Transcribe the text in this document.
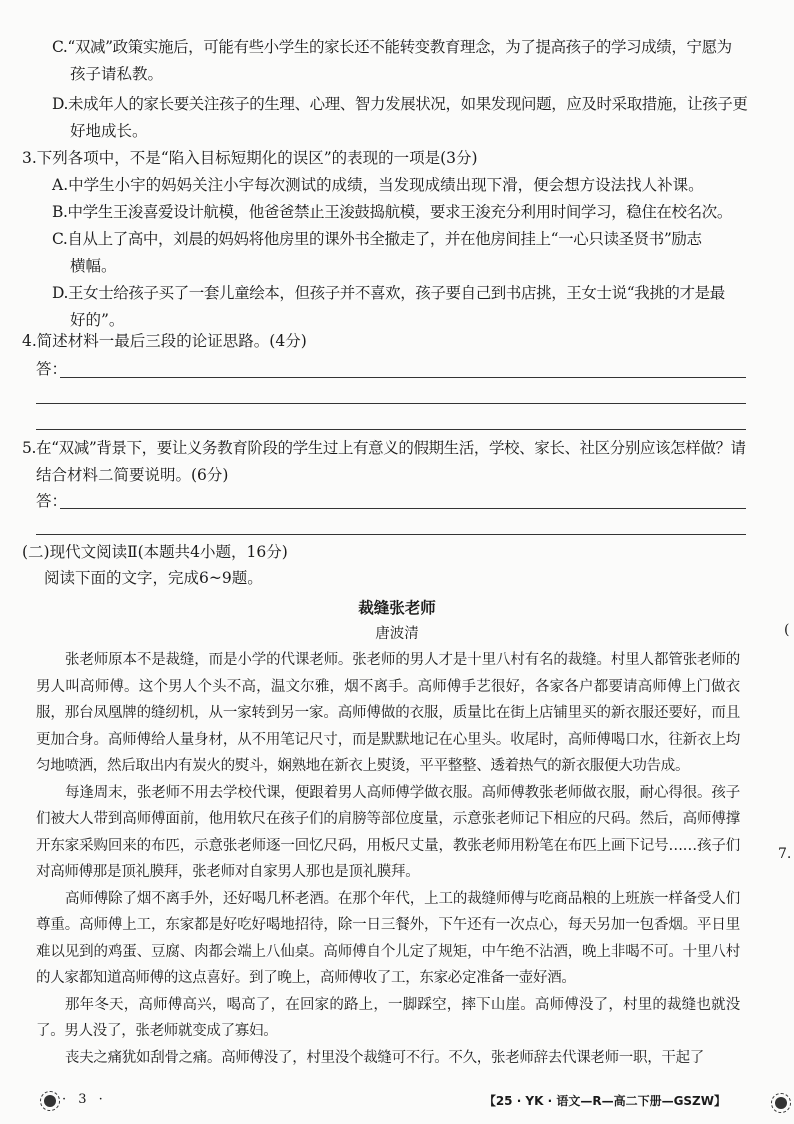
C.“双减”政策实施后，可能有些小学生的家长还不能转变教育理念，为了提高孩子的学习成绩，宁愿为
孩子请私教。
D.未成年人的家长要关注孩子的生理、心理、智力发展状况，如果发现问题，应及时采取措施，让孩子更
好地成长。
3.下列各项中，不是“陷入目标短期化的误区”的表现的一项是(3分)
A.中学生小宇的妈妈关注小宇每次测试的成绩，当发现成绩出现下滑，便会想方设法找人补课。
B.中学生王浚喜爱设计航模，他爸爸禁止王浚鼓捣航模，要求王浚充分利用时间学习，稳住在校名次。
C.自从上了高中，刘晨的妈妈将他房里的课外书全撤走了，并在他房间挂上“一心只读圣贤书”励志
横幅。
D.王女士给孩子买了一套儿童绘本，但孩子并不喜欢，孩子要自己到书店挑，王女士说“我挑的才是最
好的”。
4.简述材料一最后三段的论证思路。(4分)
答：
5.在“双减”背景下，要让义务教育阶段的学生过上有意义的假期生活，学校、家长、社区分别应该怎样做？请
结合材料二简要说明。(6分)
答：
(二)现代文阅读Ⅱ(本题共4小题，16分)
阅读下面的文字，完成6~9题。
裁缝张老师
唐波清

张老师原本不是裁缝，而是小学的代课老师。张老师的男人才是十里八村有名的裁缝。村里人都管张老师的男人叫高师傅。这个男人个头不高，温文尔雅，烟不离手。高师傅手艺很好，各家各户都要请高师傅上门做衣服，那台凤凰牌的缝纫机，从一家转到另一家。高师傅做的衣服，质量比在街上店铺里买的新衣服还要好，而且更加合身。高师傅给人量身材，从不用笔记尺寸，而是默默地记在心里头。收尾时，高师傅喝口水，往新衣上均匀地喷洒，然后取出内有炭火的熨斗，娴熟地在新衣上熨烫，平平整整、透着热气的新衣服便大功告成。

每逢周末，张老师不用去学校代课，便跟着男人高师傅学做衣服。高师傅教张老师做衣服，耐心得很。孩子们被大人带到高师傅面前，他用软尺在孩子们的肩膀等部位度量，示意张老师记下相应的尺码。然后，高师傅撑开东家采购回来的布匹，示意张老师逐一回忆尺码，用板尺丈量，教张老师用粉笔在布匹上画下记号……孩子们对高师傅那是顶礼膜拜，张老师对自家男人那也是顶礼膜拜。

高师傅除了烟不离手外，还好喝几杯老酒。在那个年代，上工的裁缝师傅与吃商品粮的上班族一样备受人们尊重。高师傅上工，东家都是好吃好喝地招待，除一日三餐外，下午还有一次点心，每天另加一包香烟。平日里难以见到的鸡蛋、豆腐、肉都会端上八仙桌。高师傅自个儿定了规矩，中午绝不沾酒，晚上非喝不可。十里八村的人家都知道高师傅的这点喜好。到了晚上，高师傅收了工，东家必定准备一壶好酒。

那年冬天，高师傅高兴，喝高了，在回家的路上，一脚踩空，摔下山崖。高师傅没了，村里的裁缝也就没了。男人没了，张老师就变成了寡妇。

丧夫之痛犹如刮骨之痛。高师傅没了，村里没个裁缝可不行。不久，张老师辞去代课老师一职，干起了

(
7.
· 3 ·	【25 · YK · 语文—R—高二下册—GSZW】
